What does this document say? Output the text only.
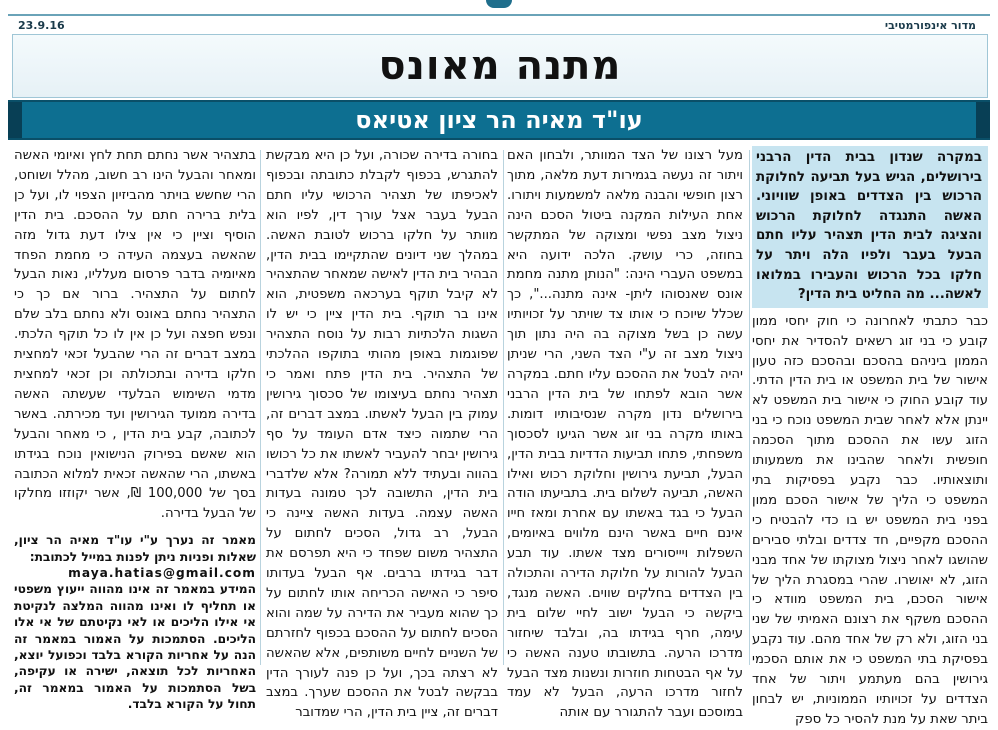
23.9.16	מדור אינפורמטיבי
מתנה מאונס
עו"ד מאיה הר ציון אטיאס

במקרה שנדון בבית הדין הרבני בירושלים, הגיש בעל תביעה לחלוקת הרכוש בין הצדדים באופן שוויוני. האשה התנגדה לחלוקת הרכוש והציגה לבית הדין תצהיר עליו חתם הבעל בעבר ולפיו הלה ויתר על חלקו בכל הרכוש והעבירו במלואו לאשה... מה החליט בית הדין?

כבר כתבתי לאחרונה כי חוק יחסי ממון קובע כי בני זוג רשאים להסדיר את יחסי הממון ביניהם בהסכם ובהסכם כזה טעון אישור של בית המשפט או בית הדין הדתי. עוד קובע החוק כי אישור בית המשפט לא יינתן אלא לאחר שבית המשפט נוכח כי בני הזוג עשו את ההסכם מתוך הסכמה חופשית ולאחר שהבינו את משמעותו ותוצאותיו. כבר נקבע בפסיקות בתי המשפט כי הליך של אישור הסכם ממון בפני בית המשפט יש בו כדי להבטיח כי ההסכם מקפיים, חד צדדים ובלתי סבירים שהושגו לאחר ניצול מצוקתו של אחד מבני הזוג, לא יאושרו. שהרי במסגרת הליך של אישור הסכם, בית המשפט מוודא כי ההסכם משקף את רצונם האמיתי של שני בני הזוג, ולא רק של אחד מהם. עוד נקבע בפסיקת בתי המשפט כי את אותם הסכמי גירושין בהם מעתמע ויתור של אחד הצדדים על זכויותיו הממוניות, יש לבחון ביתר שאת על מנת להסיר כל ספק

מעל רצונו של הצד המוותר, ולבחון האם ויתור זה נעשה בגמירות דעת מלאה, מתוך רצון חופשי והבנה מלאה למשמעות ויתורו. אחת העילות המקנה ביטול הסכם הינה ניצול מצב נפשי ומצוקה של המתקשר בחוזה, כרי עושק. הלכה ידועה היא במשפט העברי הינה: "הנותן מתנה מחמת אונס שאנסוהו ליתן- אינה מתנה...", כך שכלל שיוכח כי אותו צד שויתר על זכויותיו עשה כן בשל מצוקה בה היה נתון תוך ניצול מצב זה ע"י הצד השני, הרי שניתן יהיה לבטל את ההסכם עליו חתם. במקרה אשר הובא לפתחו של בית הדין הרבני בירושלים נדון מקרה שנסיבותיו דומות. באותו מקרה בני זוג אשר הגיעו לסכסוך משפחתי, פתחו תביעות הדדיות בבית הדין, הבעל, תביעת גירושין וחלוקת רכוש ואילו האשה, תביעה לשלום בית. בתביעתו הודה הבעל כי בגד באשתו עם אחרת ומאז חייו אינם חיים באשר הינם מלווים באיומים, השפלות ויייסורים מצד אשתו. עוד תבע הבעל להורות על חלוקת הדירה והתכולה בין הצדדים בחלקים שווים. האשה מנגד, ביקשה כי הבעל ישוב לחיי שלום בית עימה, חרף בגידתו בה, ובלבד שיחזור מדרכו הרעה. בתשובתו טענה האשה כי על אף הבטחות חוזרות ונשנות מצד הבעל לחזור מדרכו הרעה, הבעל לא עמד במוסכם ועבר להתגורר עם אותה

בחורה בדירה שכורה, ועל כן היא מבקשת להתגרש, בכפוף לקבלת כתובתה ובכפוף לאכיפתו של תצהיר הרכושי עליו חתם הבעל בעבר אצל עורך דין, לפיו הוא מוותר על חלקו ברכוש לטובת האשה. במהלך שני דיונים שהתקיימו בבית הדין, הבהיר בית הדין לאישה שמאחר שהתצהיר לא קיבל תוקף בערכאה משפטית, הוא אינו בר תוקף. בית הדין ציין כי יש לו השגות הלכתיות רבות על נוסח התצהיר שפוגמות באופן מהותי בתוקפו ההלכתי של התצהיר. בית הדין פתח ואמר כי תצהיר נחתם בעיצומו של סכסוך גירושין עמוק בין הבעל לאשתו. במצב דברים זה, הרי שתמוה כיצד אדם העומד על סף גירושין יבחר להעביר לאשתו את כל רכושו בהווה ובעתיד ללא תמורה? אלא שלדברי בית הדין, התשובה לכך טמונה בעדות האשה עצמה. בעדות האשה ציינה כי הבעל, רב גדול, הסכים לחתום על התצהיר משום שפחד כי היא תפרסם את דבר בגידתו ברבים. אף הבעל בעדותו סיפר כי האישה הכריחה אותו לחתום על כך שהוא מעביר את הדירה על שמה והוא הסכים לחתום על ההסכם בכפוף לחזרתם של השניים לחיים משותפים, אלא שהאשה לא רצתה בכך, ועל כן פנה לעורך הדין בבקשה לבטל את ההסכם שערך. במצב דברים זה, ציין בית הדין, הרי שמדובר

בתצהיר אשר נחתם תחת לחץ ואיומי האשה ומאחר והבעל הינו רב חשוב, מהלל ושוחט, הרי שחשש בויתר מהביזיון הצפוי לו, ועל כן בלית ברירה חתם על ההסכם. בית הדין הוסיף וציין כי אין צילו דעת גדול מזה שהאשה בעצמה העידה כי מחמת הפחד מאיומיה בדבר פרסום מעלליו, נאות הבעל לחתום על התצהיר. ברור אם כך כי התצהיר נחתם באונס ולא נחתם בלב שלם ונפש חפצה ועל כן אין לו כל תוקף הלכתי. במצב דברים זה הרי שהבעל זכאי למחצית חלקו בדירה ובתכולתה וכן זכאי למחצית מדמי השימוש הבלעדי שעשתה האשה בדירה ממועד הגירושין ועד מכירתה. באשר לכתובה, קבע בית הדין , כי מאחר והבעל הוא שאשם בפירוק הנישואין נוכח בגידתו באשתו, הרי שהאשה זכאית למלוא הכתובה בסך של 100,000 ₪, אשר יקוזזו מחלקו של הבעל בדירה.

מאמר זה נערך ע"י עו"ד מאיה הר ציון, שאלות ופניות ניתן לפנות במייל לכתובת:
maya.hatias@gmail.com
המידע במאמר זה אינו מהווה ייעוץ משפטי או תחליף לו ואינו מהווה המלצה לנקיטת אי אילו הליכים או לאי נקיטתם של אי אלו הליכים. הסתמכות על האמור במאמר זה הנה על אחריות הקורא בלבד וכפועל יוצא, האחריות לכל תוצאה, ישירה או עקיפה, בשל הסתמכות על האמור במאמר זה, תחול על הקורא בלבד.
